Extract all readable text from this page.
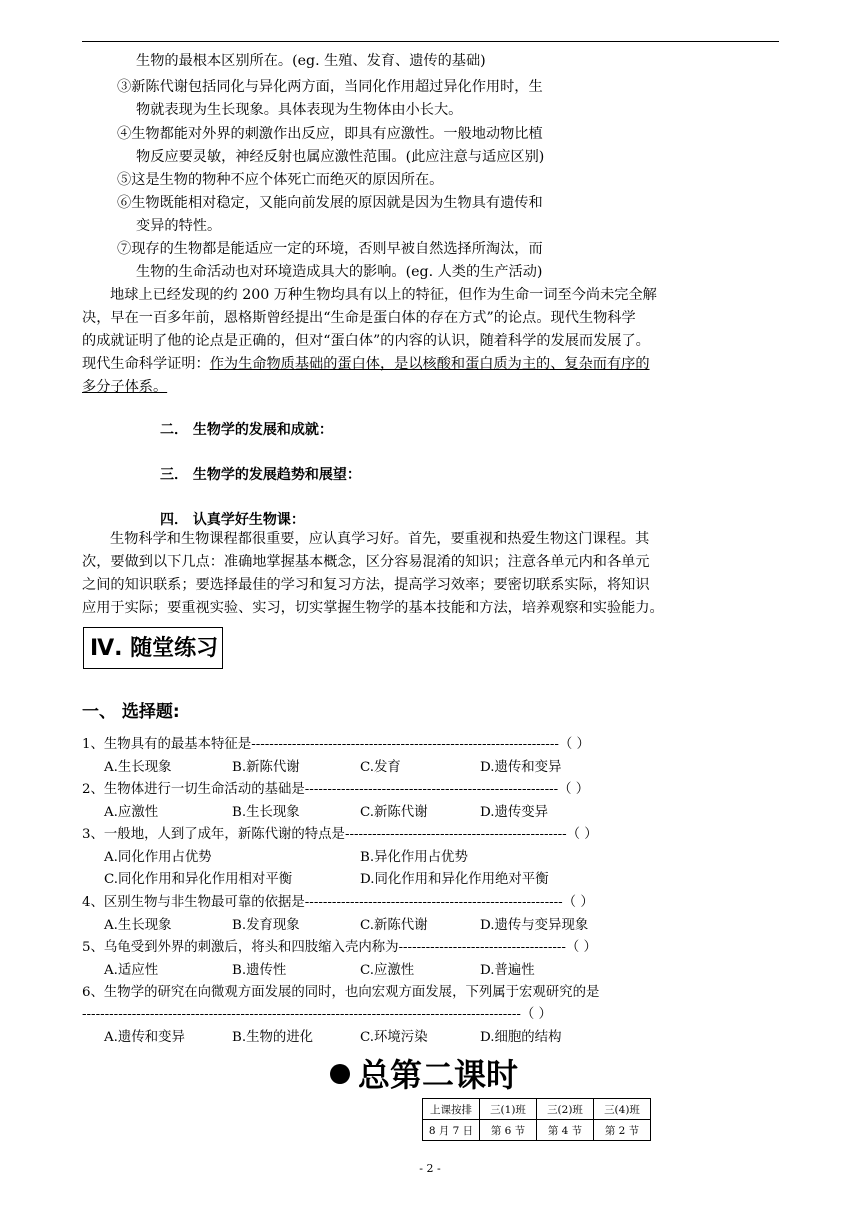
生物的最根本区别所在。(eg. 生殖、发育、遗传的基础)
③新陈代谢包括同化与异化两方面，当同化作用超过异化作用时，生
物就表现为生长现象。具体表现为生物体由小长大。
④生物都能对外界的刺激作出反应，即具有应激性。一般地动物比植
物反应要灵敏，神经反射也属应激性范围。(此应注意与适应区别)
⑤这是生物的物种不应个体死亡而绝灭的原因所在。
⑥生物既能相对稳定，又能向前发展的原因就是因为生物具有遗传和
变异的特性。
⑦现存的生物都是能适应一定的环境，否则早被自然选择所淘汰，而
生物的生命活动也对环境造成具大的影响。(eg. 人类的生产活动)
地球上已经发现的约 200 万种生物均具有以上的特征，但作为生命一词至今尚未完全解
决，早在一百多年前，恩格斯曾经提出“生命是蛋白体的存在方式”的论点。现代生物科学
的成就证明了他的论点是正确的，但对“蛋白体”的内容的认识，随着科学的发展而发展了。
现代生命科学证明：作为生命物质基础的蛋白体，是以核酸和蛋白质为主的、复杂而有序的
多分子体系。
二． 生物学的发展和成就：
三． 生物学的发展趋势和展望：
四． 认真学好生物课：
生物科学和生物课程都很重要，应认真学习好。首先，要重视和热爱生物这门课程。其
次，要做到以下几点：准确地掌握基本概念，区分容易混淆的知识；注意各单元内和各单元
之间的知识联系；要选择最佳的学习和复习方法，提高学习效率；要密切联系实际，将知识
应用于实际；要重视实验、实习，切实掌握生物学的基本技能和方法，培养观察和实验能力。
Ⅳ. 随堂练习
一、 选择题:
1、生物具有的最基本特征是--------------------------------------------------------------------（ ）
A.生长现象	B.新陈代谢	C.发育	D.遗传和变异
2、生物体进行一切生命活动的基础是--------------------------------------------------------（ ）
A.应激性	B.生长现象	C.新陈代谢	D.遗传变异
3、一般地，人到了成年，新陈代谢的特点是-------------------------------------------------（ ）
A.同化作用占优势	B.异化作用占优势
C.同化作用和异化作用相对平衡	D.同化作用和异化作用绝对平衡
4、区别生物与非生物最可靠的依据是---------------------------------------------------------（ ）
A.生长现象	B.发育现象	C.新陈代谢	D.遗传与变异现象
5、乌龟受到外界的刺激后，将头和四肢缩入壳内称为-------------------------------------（ ）
A.适应性	B.遗传性	C.应激性	D.普遍性
6、生物学的研究在向微观方面发展的同时，也向宏观方面发展，下列属于宏观研究的是
-------------------------------------------------------------------------------------------------（ ）
A.遗传和变异	B.生物的进化	C.环境污染	D.细胞的结构
总第二课时
上课按排	三(1)班	三(2)班	三(4)班
8 月 7 日	第 6 节	第 4 节	第 2 节
- 2 -
